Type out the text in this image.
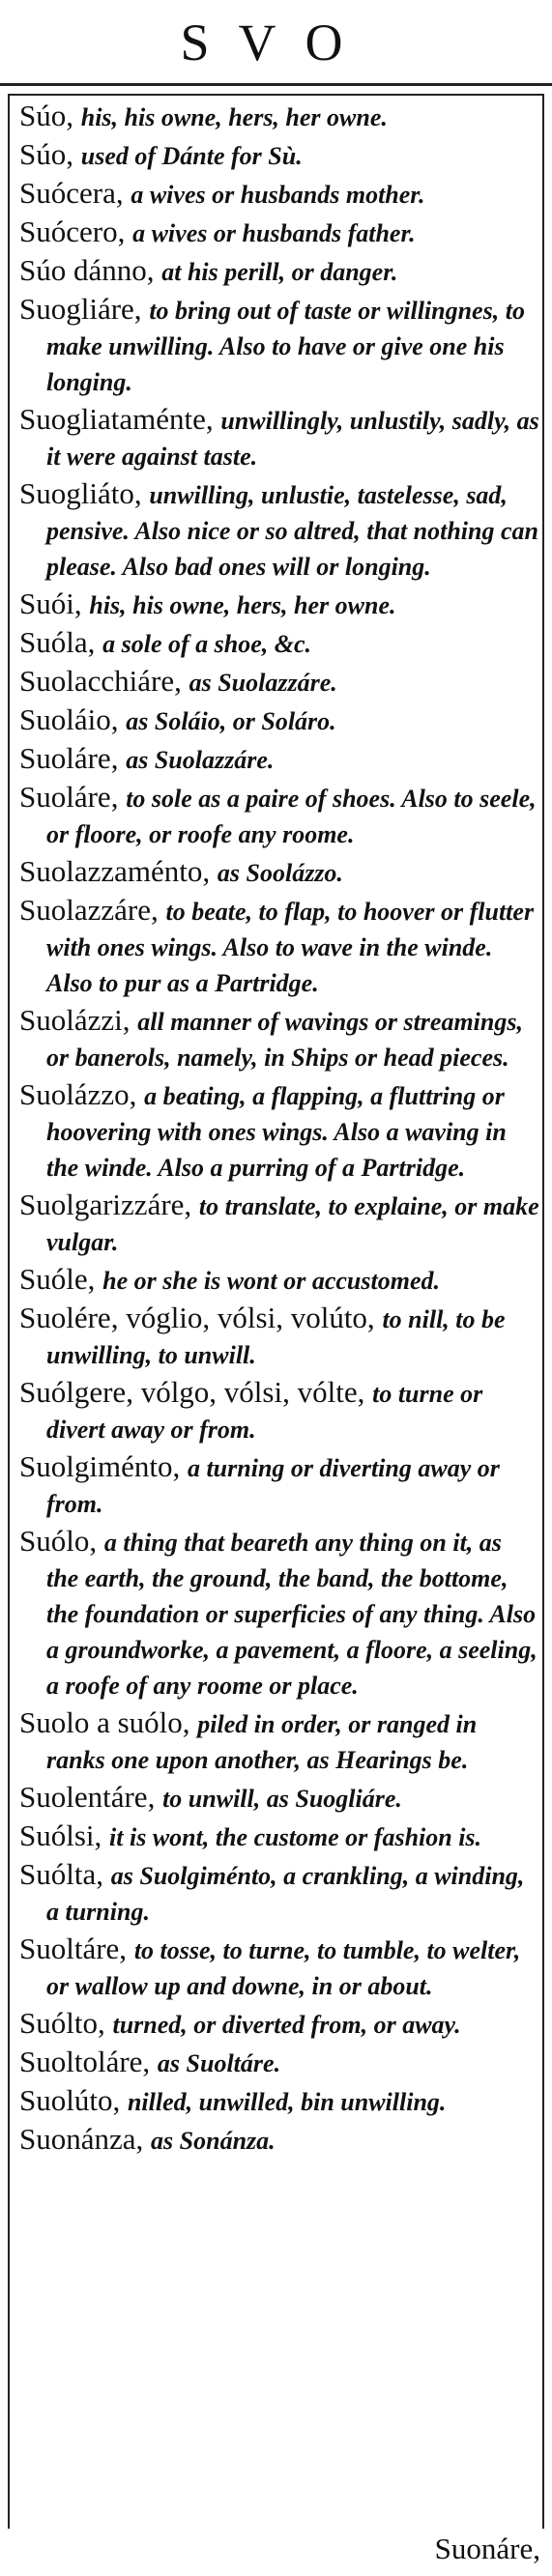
SVO
Súo, his, his owne, hers, her owne.
Súo, used of Dánte for Sù.
Suócera, a wives or husbands mother.
Suócero, a wives or husbands father.
Súo dánno, at his perill, or danger.
Suogliáre, to bring out of taste or willingnes, to make unwilling. Also to have or give one his longing.
Suogliataménte, unwillingly, unlustily, sadly, as it were against taste.
Suogliáto, unwilling, unlustie, tastelesse, sad, pensive. Also nice or so altred, that nothing can please. Also bad ones will or longing.
Suói, his, his owne, hers, her owne.
Suóla, a sole of a shoe, &c.
Suolacchiáre, as Suolazzáre.
Suoláio, as Soláio, or Soláro.
Suoláre, as Suolazzáre.
Suoláre, to sole as a paire of shoes. Also to seele, or floore, or roofe any roome.
Suolazzaménto, as Soolázzo.
Suolazzáre, to beate, to flap, to hoover or flutter with ones wings. Also to wave in the winde. Also to pur as a Partridge.
Suolázzi, all manner of wavings or streamings, or banerols, namely, in Ships or head pieces.
Suolázzo, a beating, a flapping, a fluttring or hoovering with ones wings. Also a waving in the winde. Also a purring of a Partridge.
Suolgarizzáre, to translate, to explaine, or make vulgar.
Suóle, he or she is wont or accustomed.
Suolére, vóglio, vólsi, volúto, to nill, to be unwilling, to unwill.
Suólgere, vólgo, vólsi, vólte, to turne or divert away or from.
Suolgiménto, a turning or diverting away or from.
Suólo, a thing that beareth any thing on it, as the earth, the ground, the band, the bottome, the foundation or superficies of any thing. Also a groundworke, a pavement, a floore, a seeling, a roofe of any roome or place.
Suolo a suólo, piled in order, or ranged in ranks one upon another, as Hearings be.
Suolentáre, to unwill, as Suogliáre.
Suólsi, it is wont, the custome or fashion is.
Suólta, as Suolgiménto, a crankling, a winding, a turning.
Suoltáre, to tosse, to turne, to tumble, to welter, or wallow up and downe, in or about.
Suólto, turned, or diverted from, or away.
Suoltoláre, as Suoltáre.
Suolúto, nilled, unwilled, bin unwilling.
Suonánza, as Sonánza.
Suonáre,
